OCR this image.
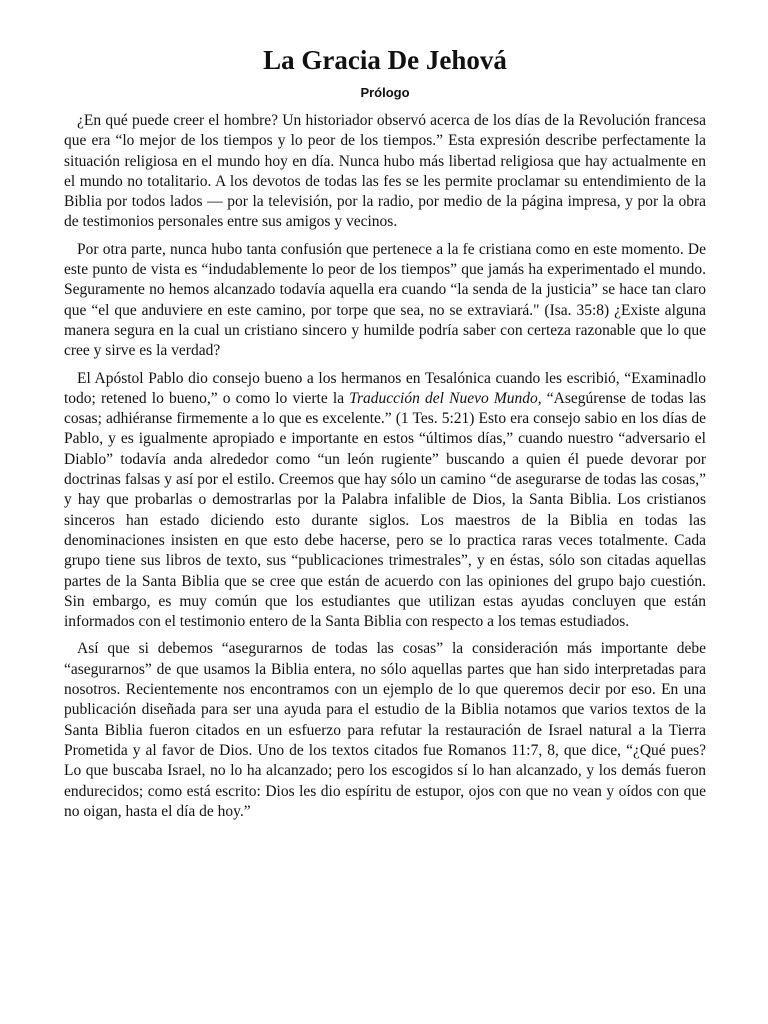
La Gracia De Jehová
Prólogo

¿En qué puede creer el hombre? Un historiador observó acerca de los días de la Revolución francesa que era “lo mejor de los tiempos y lo peor de los tiempos.” Esta expresión describe perfectamente la situación religiosa en el mundo hoy en día. Nunca hubo más libertad religiosa que hay actualmente en el mundo no totalitario. A los devotos de todas las fes se les permite proclamar su entendimiento de la Biblia por todos lados — por la televisión, por la radio, por medio de la página impresa, y por la obra de testimonios personales entre sus amigos y vecinos.

Por otra parte, nunca hubo tanta confusión que pertenece a la fe cristiana como en este momento. De este punto de vista es “indudablemente lo peor de los tiempos” que jamás ha experimentado el mundo. Seguramente no hemos alcanzado todavía aquella era cuando “la senda de la justicia” se hace tan claro que “el que anduviere en este camino, por torpe que sea, no se extraviará." (Isa. 35:8) ¿Existe alguna manera segura en la cual un cristiano sincero y humilde podría saber con certeza razonable que lo que cree y sirve es la verdad?

El Apóstol Pablo dio consejo bueno a los hermanos en Tesalónica cuando les escribió, “Examinadlo todo; retened lo bueno,” o como lo vierte la Traducción del Nuevo Mundo, “Asegúrense de todas las cosas; adhiéranse firmemente a lo que es excelente.” (1 Tes. 5:21) Esto era consejo sabio en los días de Pablo, y es igualmente apropiado e importante en estos “últimos días,” cuando nuestro “adversario el Diablo” todavía anda alrededor como “un león rugiente” buscando a quien él puede devorar por doctrinas falsas y así por el estilo. Creemos que hay sólo un camino “de asegurarse de todas las cosas,” y hay que probarlas o demostrarlas por la Palabra infalible de Dios, la Santa Biblia. Los cristianos sinceros han estado diciendo esto durante siglos. Los maestros de la Biblia en todas las denominaciones insisten en que esto debe hacerse, pero se lo practica raras veces totalmente. Cada grupo tiene sus libros de texto, sus “publicaciones trimestrales”, y en éstas, sólo son citadas aquellas partes de la Santa Biblia que se cree que están de acuerdo con las opiniones del grupo bajo cuestión. Sin embargo, es muy común que los estudiantes que utilizan estas ayudas concluyen que están informados con el testimonio entero de la Santa Biblia con respecto a los temas estudiados.

Así que si debemos “asegurarnos de todas las cosas” la consideración más importante debe “asegurarnos” de que usamos la Biblia entera, no sólo aquellas partes que han sido interpretadas para nosotros. Recientemente nos encontramos con un ejemplo de lo que queremos decir por eso. En una publicación diseñada para ser una ayuda para el estudio de la Biblia notamos que varios textos de la Santa Biblia fueron citados en un esfuerzo para refutar la restauración de Israel natural a la Tierra Prometida y al favor de Dios. Uno de los textos citados fue Romanos 11:7, 8, que dice, “¿Qué pues? Lo que buscaba Israel, no lo ha alcanzado; pero los escogidos sí lo han alcanzado, y los demás fueron endurecidos; como está escrito: Dios les dio espíritu de estupor, ojos con que no vean y oídos con que no oigan, hasta el día de hoy.”
